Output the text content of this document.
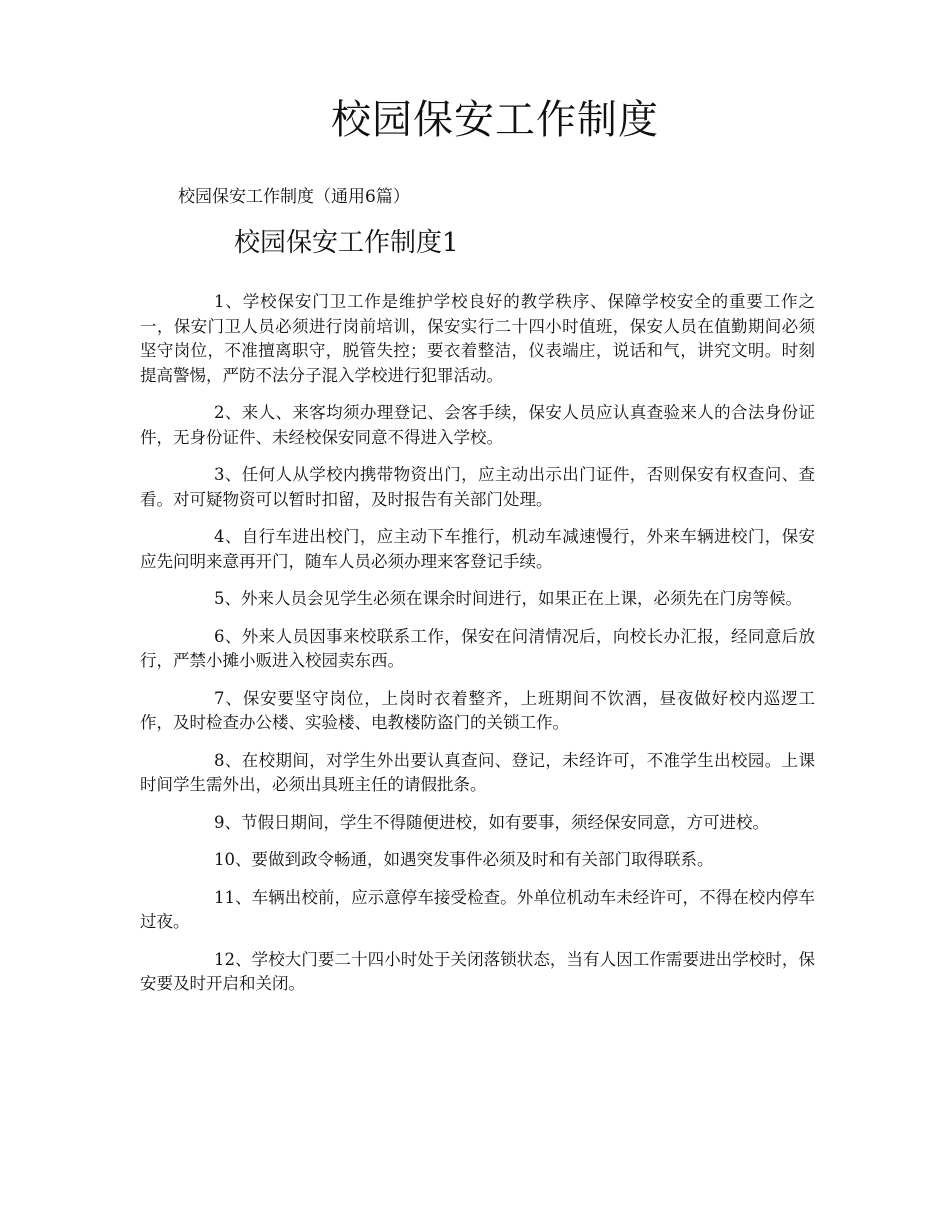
校园保安工作制度

校园保安工作制度（通用6篇）

校园保安工作制度1

1、学校保安门卫工作是维护学校良好的教学秩序、保障学校安全的重要工作之一，保安门卫人员必须进行岗前培训，保安实行二十四小时值班，保安人员在值勤期间必须坚守岗位，不准擅离职守，脱管失控；要衣着整洁，仪表端庄，说话和气，讲究文明。时刻提高警惕，严防不法分子混入学校进行犯罪活动。

2、来人、来客均须办理登记、会客手续，保安人员应认真查验来人的合法身份证件，无身份证件、未经校保安同意不得进入学校。

3、任何人从学校内携带物资出门，应主动出示出门证件，否则保安有权查问、查看。对可疑物资可以暂时扣留，及时报告有关部门处理。

4、自行车进出校门，应主动下车推行，机动车减速慢行，外来车辆进校门，保安应先问明来意再开门，随车人员必须办理来客登记手续。

5、外来人员会见学生必须在课余时间进行，如果正在上课，必须先在门房等候。

6、外来人员因事来校联系工作，保安在问清情况后，向校长办汇报，经同意后放行，严禁小摊小贩进入校园卖东西。

7、保安要坚守岗位，上岗时衣着整齐，上班期间不饮酒，昼夜做好校内巡逻工作，及时检查办公楼、实验楼、电教楼防盗门的关锁工作。

8、在校期间，对学生外出要认真查问、登记，未经许可，不准学生出校园。上课时间学生需外出，必须出具班主任的请假批条。

9、节假日期间，学生不得随便进校，如有要事，须经保安同意，方可进校。

10、要做到政令畅通，如遇突发事件必须及时和有关部门取得联系。

11、车辆出校前，应示意停车接受检查。外单位机动车未经许可，不得在校内停车过夜。

12、学校大门要二十四小时处于关闭落锁状态，当有人因工作需要进出学校时，保安要及时开启和关闭。
